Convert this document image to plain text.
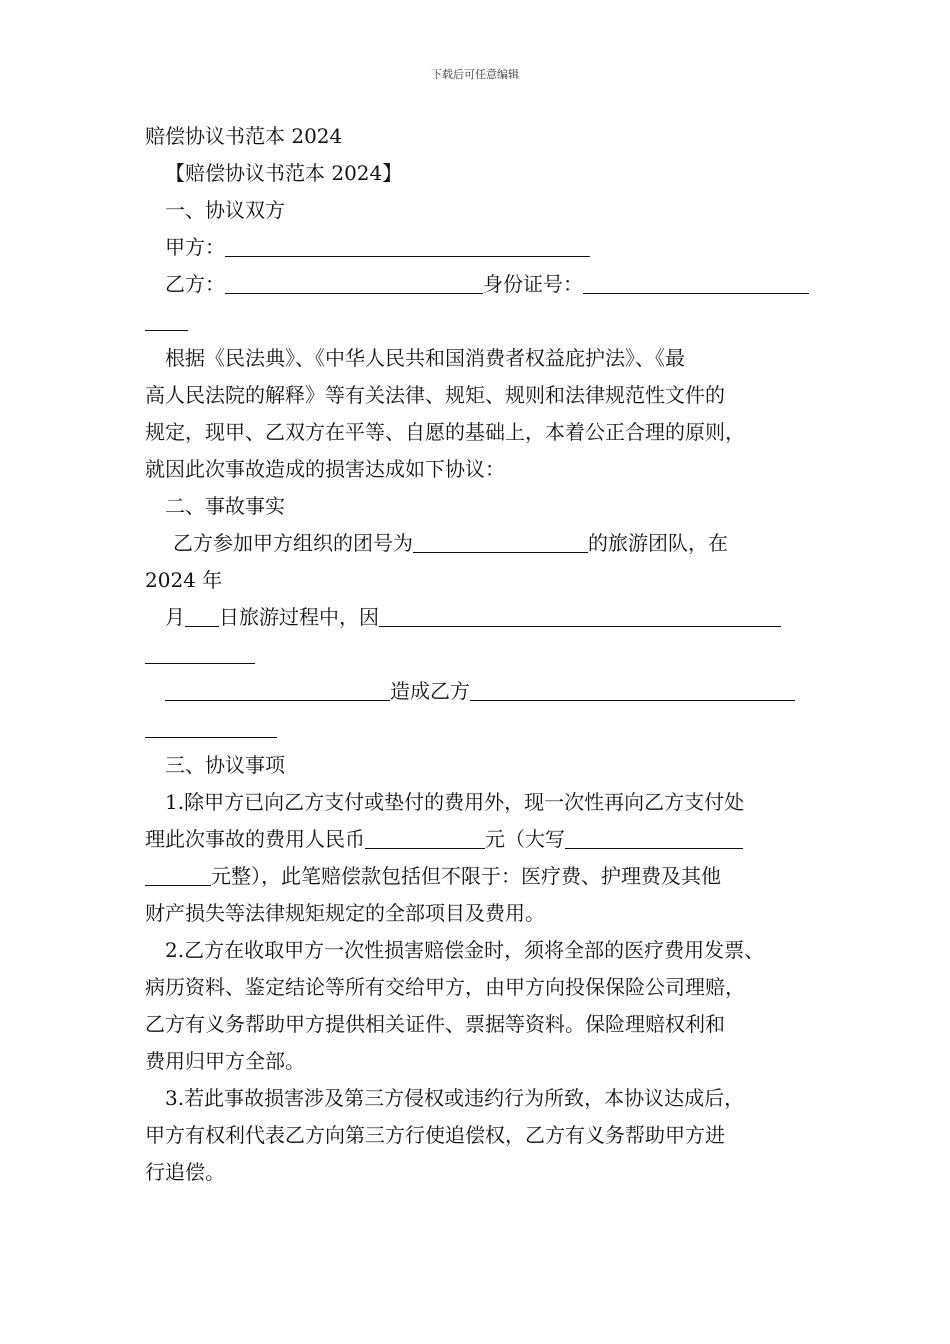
下载后可任意编辑
赔偿协议书范本 2024
【赔偿协议书范本 2024】
一、协议双方
甲方：
乙方：	身份证号：
根据《民法典》、《中华人民共和国消费者权益庇护法》、《最
高人民法院的解释》等有关法律、规矩、规则和法律规范性文件的
规定，现甲、乙双方在平等、自愿的基础上，本着公正合理的原则，
就因此次事故造成的损害达成如下协议：
二、事故事实
乙方参加甲方组织的团号为	的旅游团队，在
2024 年
月 日旅游过程中，因
造成乙方
三、协议事项
1.除甲方已向乙方支付或垫付的费用外，现一次性再向乙方支付处
理此次事故的费用人民币	元（大写
元整），此笔赔偿款包括但不限于：医疗费、护理费及其他
财产损失等法律规矩规定的全部项目及费用。
2.乙方在收取甲方一次性损害赔偿金时，须将全部的医疗费用发票、
病历资料、鉴定结论等所有交给甲方，由甲方向投保保险公司理赔，
乙方有义务帮助甲方提供相关证件、票据等资料。保险理赔权利和
费用归甲方全部。
3.若此事故损害涉及第三方侵权或违约行为所致，本协议达成后，
甲方有权利代表乙方向第三方行使追偿权，乙方有义务帮助甲方进
行追偿。
